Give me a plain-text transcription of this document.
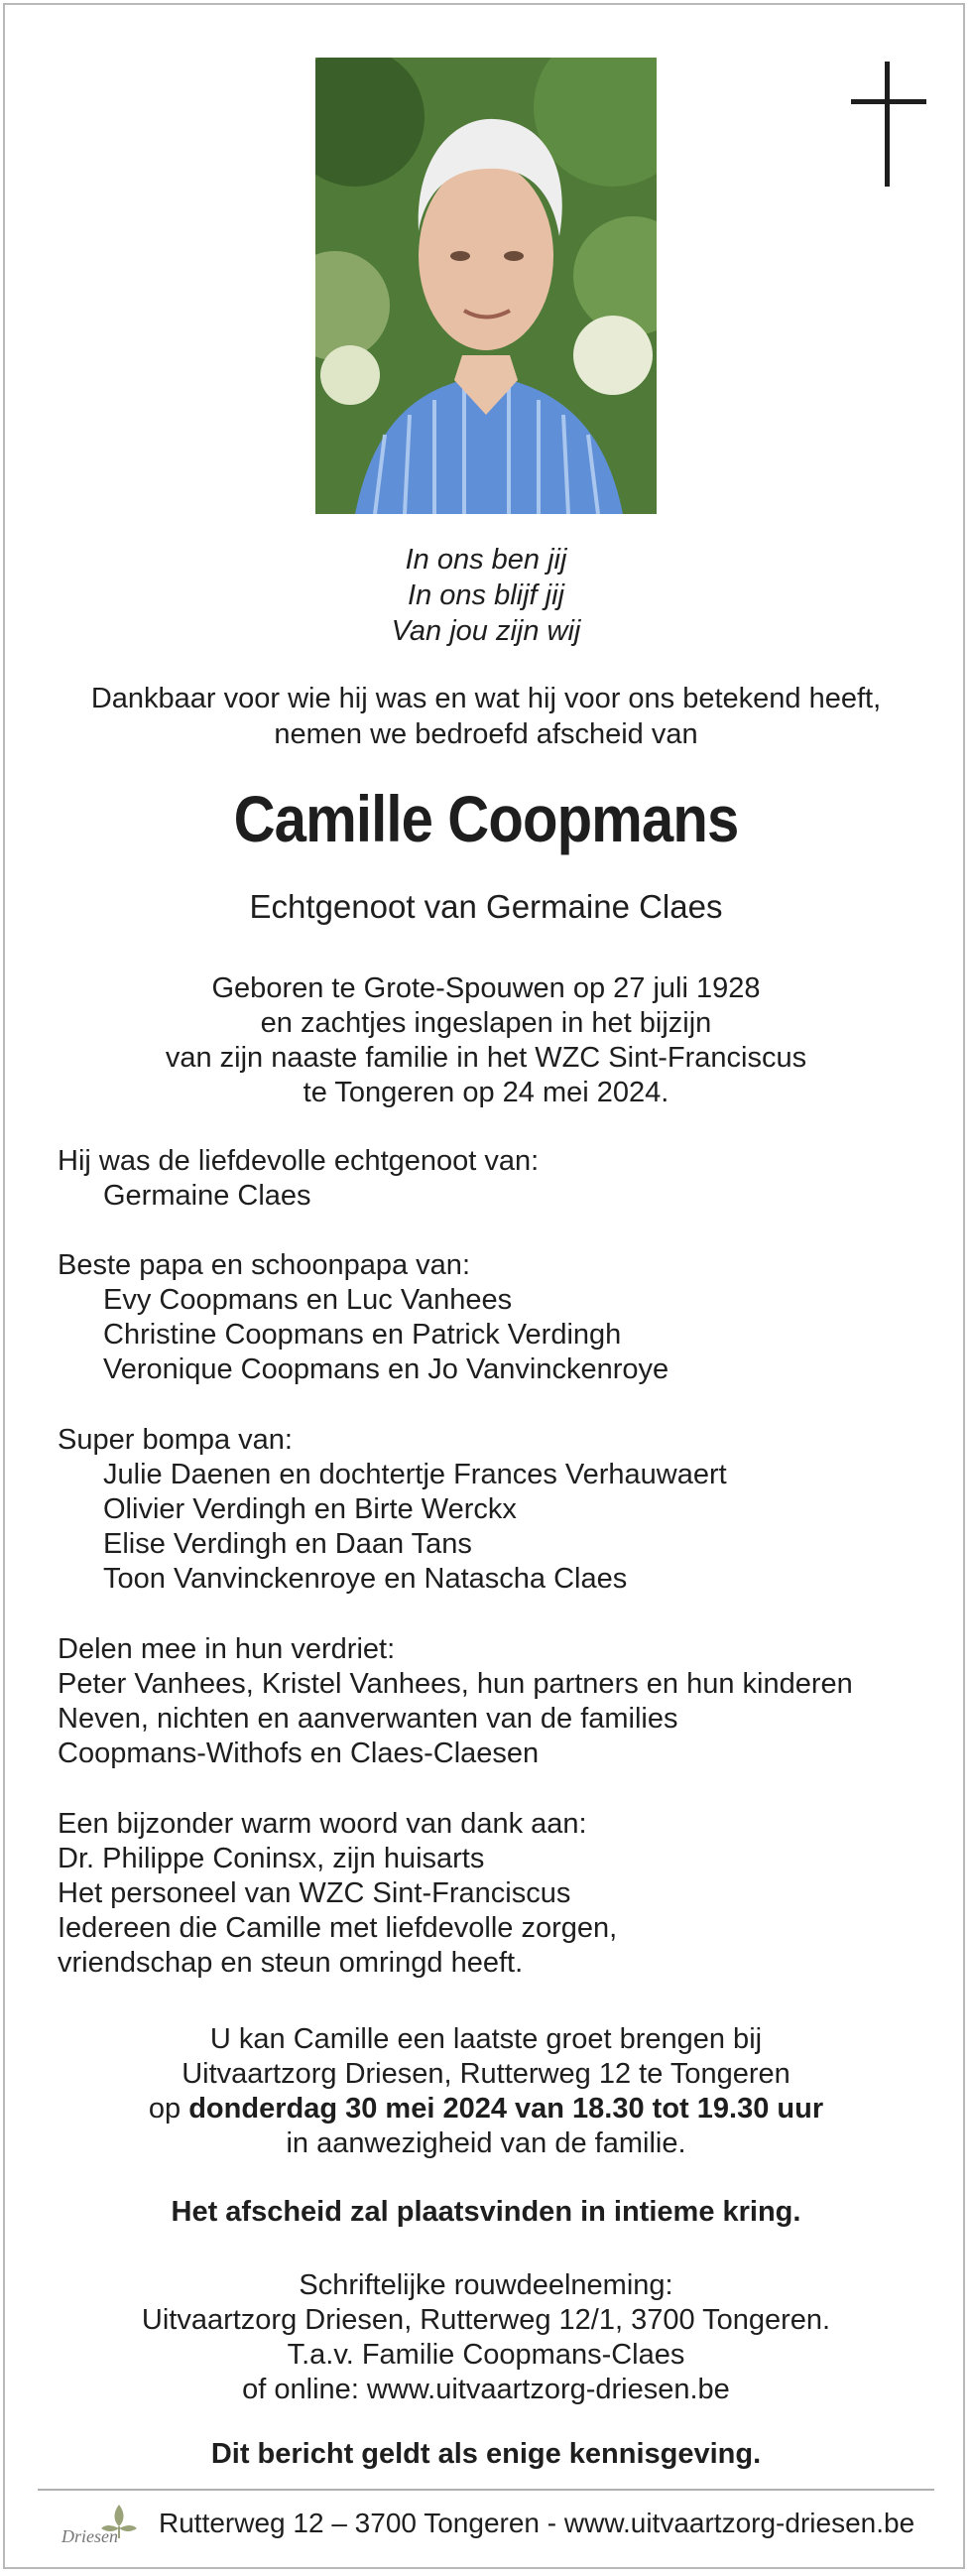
In ons ben jij
In ons blijf jij
Van jou zijn wij
Dankbaar voor wie hij was en wat hij voor ons betekend heeft,
nemen we bedroefd afscheid van
Camille Coopmans
Echtgenoot van Germaine Claes
Geboren te Grote-Spouwen op 27 juli 1928
en zachtjes ingeslapen in het bijzijn
van zijn naaste familie in het WZC Sint-Franciscus
te Tongeren op 24 mei 2024.
Hij was de liefdevolle echtgenoot van:
Germaine Claes
Beste papa en schoonpapa van:
Evy Coopmans en Luc Vanhees
Christine Coopmans en Patrick Verdingh
Veronique Coopmans en Jo Vanvinckenroye
Super bompa van:
Julie Daenen en dochtertje Frances Verhauwaert
Olivier Verdingh en Birte Werckx
Elise Verdingh en Daan Tans
Toon Vanvinckenroye en Natascha Claes
Delen mee in hun verdriet:
Peter Vanhees, Kristel Vanhees, hun partners en hun kinderen
Neven, nichten en aanverwanten van de families
Coopmans-Withofs en Claes-Claesen
Een bijzonder warm woord van dank aan:
Dr. Philippe Coninsx, zijn huisarts
Het personeel van WZC Sint-Franciscus
Iedereen die Camille met liefdevolle zorgen,
vriendschap en steun omringd heeft.
U kan Camille een laatste groet brengen bij
Uitvaartzorg Driesen, Rutterweg 12 te Tongeren
op donderdag 30 mei 2024 van 18.30 tot 19.30 uur
in aanwezigheid van de familie.
Het afscheid zal plaatsvinden in intieme kring.
Schriftelijke rouwdeelneming:
Uitvaartzorg Driesen, Rutterweg 12/1, 3700 Tongeren.
T.a.v. Familie Coopmans-Claes
of online: www.uitvaartzorg-driesen.be
Dit bericht geldt als enige kennisgeving.
Driesen Rutterweg 12 – 3700 Tongeren - www.uitvaartzorg-driesen.be
